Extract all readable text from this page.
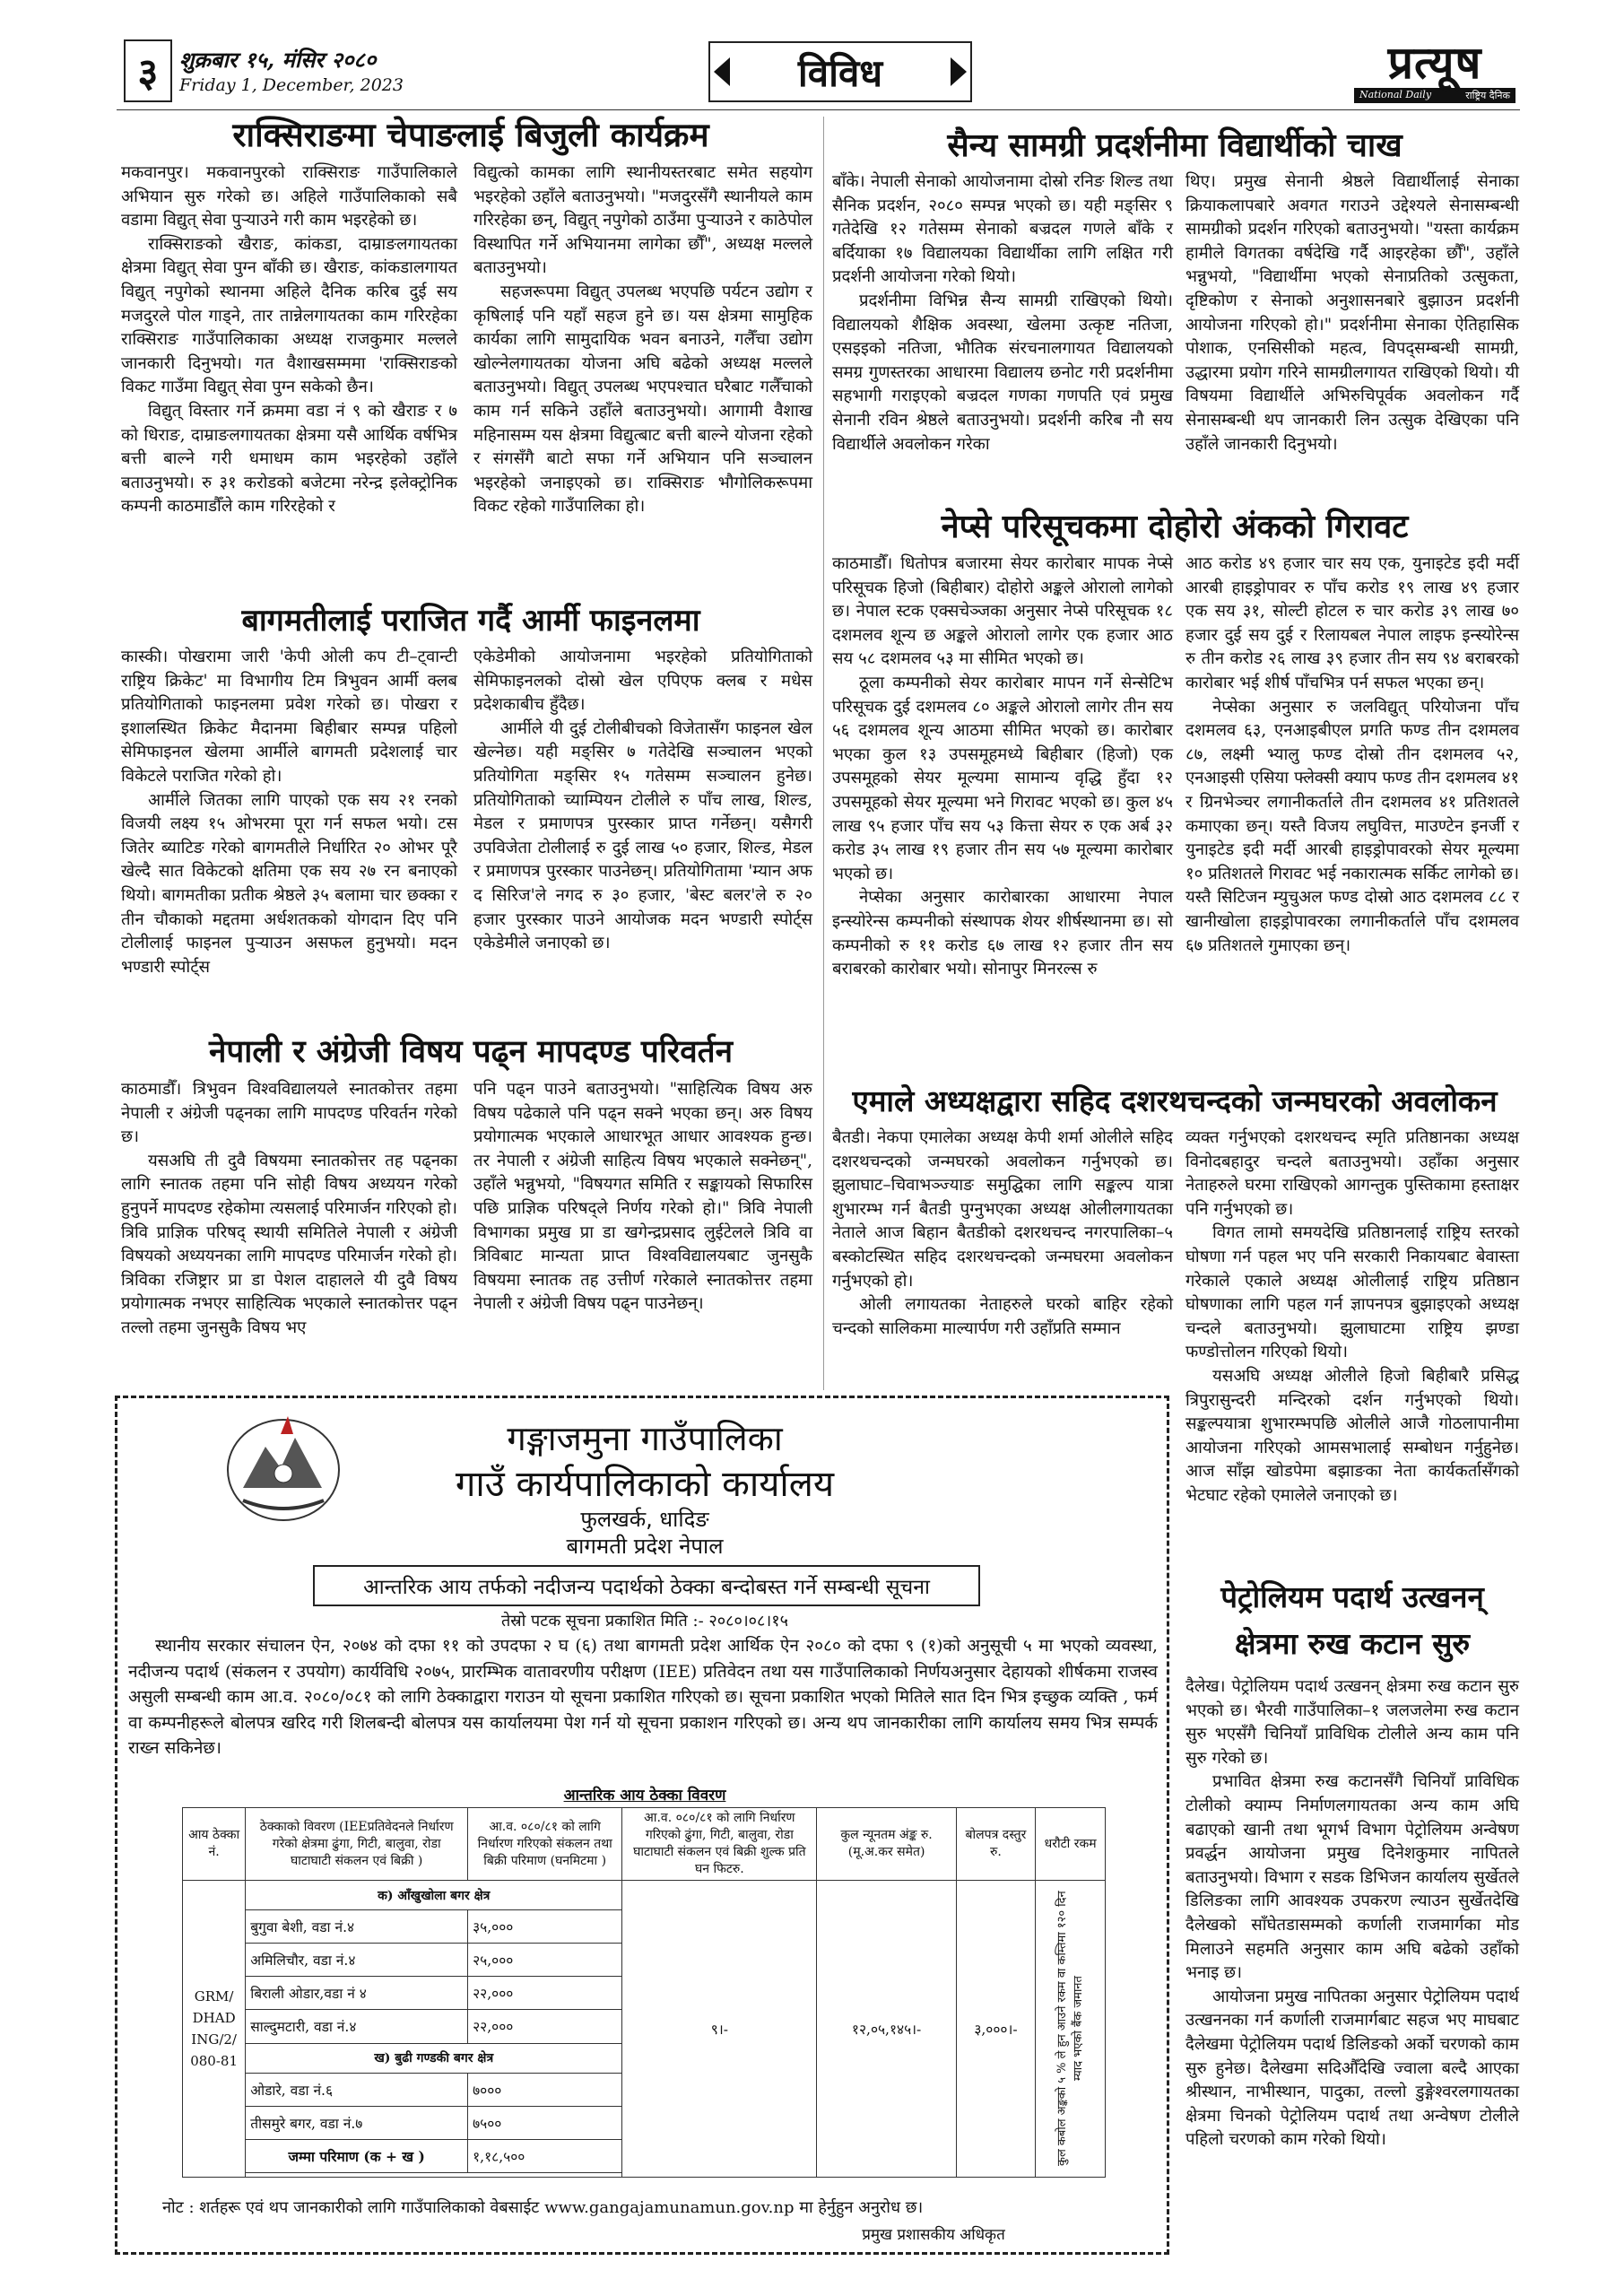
३ शुक्रबार १५, मंसिर २०८०
Friday 1, December, 2023	विविध	प्रत्यूष
National Daily	राष्ट्रिय दैनिक
राक्सिराङमा चेपाङलाई बिजुली कार्यक्रम

मकवानपुर। मकवानपुरको राक्सिराङ गाउँपालिकाले अभियान सुरु गरेको छ। अहिले गाउँपालिकाको सबै वडामा विद्युत् सेवा पुर्‍याउने गरी काम भइरहेको छ।

राक्सिराङको खैराङ, कांकडा, दाम्राङलगायतका क्षेत्रमा विद्युत् सेवा पुग्न बाँकी छ। खैराङ, कांकडालगायत विद्युत् नपुगेको स्थानमा अहिले दैनिक करिब दुई सय मजदुरले पोल गाड्ने, तार तान्नेलगायतका काम गरिरहेका राक्सिराङ गाउँपालिकाका अध्यक्ष राजकुमार मल्लले जानकारी दिनुभयो। गत वैशाखसम्ममा 'राक्सिराङको विकट गाउँमा विद्युत् सेवा पुग्न सकेको छैन।

विद्युत् विस्तार गर्ने क्रममा वडा नं ९ को खैराङ र ७ को धिराङ, दाम्राङलगायतका क्षेत्रमा यसै आर्थिक वर्षभित्र बत्ती बाल्ने गरी धमाधम काम भइरहेको उहाँले बताउनुभयो। रु ३१ करोडको बजेटमा नरेन्द्र इलेक्ट्रोनिक कम्पनी काठमाडौँले काम गरिरहेको र

विद्युत्को कामका लागि स्थानीयस्तरबाट समेत सहयोग भइरहेको उहाँले बताउनुभयो। "मजदुरसँगै स्थानीयले काम गरिरहेका छन्, विद्युत् नपुगेको ठाउँमा पुर्‍याउने र काठेपोल विस्थापित गर्ने अभियानमा लागेका छौँ", अध्यक्ष मल्लले बताउनुभयो।

सहजरूपमा विद्युत् उपलब्ध भएपछि पर्यटन उद्योग र कृषिलाई पनि यहाँ सहज हुने छ। यस क्षेत्रमा सामुहिक कार्यका लागि सामुदायिक भवन बनाउने, गलैँचा उद्योग खोल्नेलगायतका योजना अघि बढेको अध्यक्ष मल्लले बताउनुभयो। विद्युत् उपलब्ध भएपश्चात घरैबाट गलैँचाको काम गर्न सकिने उहाँले बताउनुभयो। आगामी वैशाख महिनासम्म यस क्षेत्रमा विद्युत्बाट बत्ती बाल्ने योजना रहेको र संगसँगै बाटो सफा गर्ने अभियान पनि सञ्चालन भइरहेको जनाइएको छ। राक्सिराङ भौगोलिकरूपमा विकट रहेको गाउँपालिका हो।

बागमतीलाई पराजित गर्दै आर्मी फाइनलमा

कास्की। पोखरामा जारी 'केपी ओली कप टी–ट्वान्टी राष्ट्रिय क्रिकेट' मा विभागीय टिम त्रिभुवन आर्मी क्लब प्रतियोगिताको फाइनलमा प्रवेश गरेको छ। पोखरा र इशालस्थित क्रिकेट मैदानमा बिहीबार सम्पन्न पहिलो सेमिफाइनल खेलमा आर्मीले बागमती प्रदेशलाई चार विकेटले पराजित गरेको हो।

आर्मीले जितका लागि पाएको एक सय २१ रनको विजयी लक्ष्य १५ ओभरमा पूरा गर्न सफल भयो। टस जितेर ब्याटिङ गरेको बागमतीले निर्धारित २० ओभर पूरै खेल्दै सात विकेटको क्षतिमा एक सय २७ रन बनाएको थियो। बागमतीका प्रतीक श्रेष्ठले ३५ बलामा चार छक्का र तीन चौकाको मद्दतमा अर्धशतकको योगदान दिए पनि टोलीलाई फाइनल पुर्‍याउन असफल हुनुभयो। मदन भण्डारी स्पोर्ट्स

एकेडेमीको आयोजनामा भइरहेको प्रतियोगिताको सेमिफाइनलको दोस्रो खेल एपिएफ क्लब र मधेस प्रदेशकाबीच हुँदैछ।

आर्मीले यी दुई टोलीबीचको विजेतासँग फाइनल खेल खेल्नेछ। यही मङ्सिर ७ गतेदेखि सञ्चालन भएको प्रतियोगिता मङ्सिर १५ गतेसम्म सञ्चालन हुनेछ। प्रतियोगिताको च्याम्पियन टोलीले रु पाँच लाख, शिल्ड, मेडल र प्रमाणपत्र पुरस्कार प्राप्त गर्नेछन्। यसैगरी उपविजेता टोलीलाई रु दुई लाख ५० हजार, शिल्ड, मेडल र प्रमाणपत्र पुरस्कार पाउनेछन्। प्रतियोगितामा 'म्यान अफ द सिरिज'ले नगद रु ३० हजार, 'बेस्ट बलर'ले रु २० हजार पुरस्कार पाउने आयोजक मदन भण्डारी स्पोर्ट्स एकेडेमीले जनाएको छ।

नेपाली र अंग्रेजी विषय पढ्न मापदण्ड परिवर्तन

काठमाडौँ। त्रिभुवन विश्वविद्यालयले स्नातकोत्तर तहमा नेपाली र अंग्रेजी पढ्नका लागि मापदण्ड परिवर्तन गरेको छ।

यसअघि ती दुवै विषयमा स्नातकोत्तर तह पढ्नका लागि स्नातक तहमा पनि सोही विषय अध्ययन गरेको हुनुपर्ने मापदण्ड रहेकोमा त्यसलाई परिमार्जन गरिएको हो। त्रिवि प्राज्ञिक परिषद् स्थायी समितिले नेपाली र अंग्रेजी विषयको अध्ययनका लागि मापदण्ड परिमार्जन गरेको हो। त्रिविका रजिष्ट्रार प्रा डा पेशल दाहालले यी दुवै विषय प्रयोगात्मक नभएर साहित्यिक भएकाले स्नातकोत्तर पढ्न तल्लो तहमा जुनसुकै विषय भए

पनि पढ्न पाउने बताउनुभयो। "साहित्यिक विषय अरु विषय पढेकाले पनि पढ्न सक्ने भएका छन्। अरु विषय प्रयोगात्मक भएकाले आधारभूत आधार आवश्यक हुन्छ। तर नेपाली र अंग्रेजी साहित्य विषय भएकाले सक्नेछन्", उहाँले भन्नुभयो, "विषयगत समिति र सङ्कायको सिफारिस पछि प्राज्ञिक परिषद्ले निर्णय गरेको हो।" त्रिवि नेपाली विभागका प्रमुख प्रा डा खगेन्द्रप्रसाद लुईटेलले त्रिवि वा त्रिविबाट मान्यता प्राप्त विश्वविद्यालयबाट जुनसुकै विषयमा स्नातक तह उत्तीर्ण गरेकाले स्नातकोत्तर तहमा नेपाली र अंग्रेजी विषय पढ्न पाउनेछन्।

सैन्य सामग्री प्रदर्शनीमा विद्यार्थीको चाख

बाँके। नेपाली सेनाको आयोजनामा दोस्रो रनिङ शिल्ड तथा सैनिक प्रदर्शन, २०८० सम्पन्न भएको छ। यही मङ्सिर ९ गतेदेखि १२ गतेसम्म सेनाको बज्रदल गणले बाँके र बर्दियाका १७ विद्यालयका विद्यार्थीका लागि लक्षित गरी प्रदर्शनी आयोजना गरेको थियो।

प्रदर्शनीमा विभिन्न सैन्य सामग्री राखिएको थियो। विद्यालयको शैक्षिक अवस्था, खेलमा उत्कृष्ट नतिजा, एसइइको नतिजा, भौतिक संरचनालगायत विद्यालयको समग्र गुणस्तरका आधारमा विद्यालय छनोट गरी प्रदर्शनीमा सहभागी गराइएको बज्रदल गणका गणपति एवं प्रमुख सेनानी रविन श्रेष्ठले बताउनुभयो। प्रदर्शनी करिब नौ सय विद्यार्थीले अवलोकन गरेका

थिए। प्रमुख सेनानी श्रेष्ठले विद्यार्थीलाई सेनाका क्रियाकलापबारे अवगत गराउने उद्देश्यले सेनासम्बन्धी सामग्रीको प्रदर्शन गरिएको बताउनुभयो। "यस्ता कार्यक्रम हामीले विगतका वर्षदेखि गर्दै आइरहेका छौँ", उहाँले भन्नुभयो, "विद्यार्थीमा भएको सेनाप्रतिको उत्सुकता, दृष्टिकोण र सेनाको अनुशासनबारे बुझाउन प्रदर्शनी आयोजना गरिएको हो।" प्रदर्शनीमा सेनाका ऐतिहासिक पोशाक, एनसिसीको महत्व, विपद्सम्बन्धी सामग्री, उद्धारमा प्रयोग गरिने सामग्रीलगायत राखिएको थियो। यी विषयमा विद्यार्थीले अभिरुचिपूर्वक अवलोकन गर्दै सेनासम्बन्धी थप जानकारी लिन उत्सुक देखिएका पनि उहाँले जानकारी दिनुभयो।

नेप्से परिसूचकमा दोहोरो अंकको गिरावट

काठमाडौँ। धितोपत्र बजारमा सेयर कारोबार मापक नेप्से परिसूचक हिजो (बिहीबार) दोहोरो अङ्कले ओरालो लागेको छ। नेपाल स्टक एक्सचेञ्जका अनुसार नेप्से परिसूचक १८ दशमलव शून्य छ अङ्कले ओरालो लागेर एक हजार आठ सय ५८ दशमलव ५३ मा सीमित भएको छ।

ठूला कम्पनीको सेयर कारोबार मापन गर्ने सेन्सेटिभ परिसूचक दुई दशमलव ८० अङ्कले ओरालो लागेर तीन सय ५६ दशमलव शून्य आठमा सीमित भएको छ। कारोबार भएका कुल १३ उपसमूहमध्ये बिहीबार (हिजो) एक उपसमूहको सेयर मूल्यमा सामान्य वृद्धि हुँदा १२ उपसमूहको सेयर मूल्यमा भने गिरावट भएको छ। कुल ४५ लाख ९५ हजार पाँच सय ५३ कित्ता सेयर रु एक अर्ब ३२ करोड ३५ लाख १९ हजार तीन सय ५७ मूल्यमा कारोबार भएको छ।

नेप्सेका अनुसार कारोबारका आधारमा नेपाल इन्स्योरेन्स कम्पनीको संस्थापक शेयर शीर्षस्थानमा छ। सो कम्पनीको रु ११ करोड ६७ लाख १२ हजार तीन सय बराबरको कारोबार भयो। सोनापुर मिनरल्स रु

आठ करोड ४९ हजार चार सय एक, युनाइटेड इदी मर्दी आरबी हाइड्रोपावर रु पाँच करोड १९ लाख ४९ हजार एक सय ३१, सोल्टी होटल रु चार करोड ३९ लाख ७० हजार दुई सय दुई र रिलायबल नेपाल लाइफ इन्स्योरेन्स रु तीन करोड २६ लाख ३९ हजार तीन सय ९४ बराबरको कारोबार भई शीर्ष पाँचभित्र पर्न सफल भएका छन्।

नेप्सेका अनुसार रु जलविद्युत् परियोजना पाँच दशमलव ६३, एनआइबीएल प्रगति फण्ड तीन दशमलव ८७, लक्ष्मी भ्यालु फण्ड दोस्रो तीन दशमलव ५२, एनआइसी एसिया फ्लेक्सी क्याप फण्ड तीन दशमलव ४१ र ग्रिनभेञ्चर लगानीकर्ताले तीन दशमलव ४१ प्रतिशतले कमाएका छन्। यस्तै विजय लघुवित्त, माउण्टेन इनर्जी र युनाइटेड इदी मर्दी आरबी हाइड्रोपावरको सेयर मूल्यमा १० प्रतिशतले गिरावट भई नकारात्मक सर्किट लागेको छ। यस्तै सिटिजन म्युचुअल फण्ड दोस्रो आठ दशमलव ८८ र खानीखोला हाइड्रोपावरका लगानीकर्ताले पाँच दशमलव ६७ प्रतिशतले गुमाएका छन्।

एमाले अध्यक्षद्वारा सहिद दशरथचन्दको जन्मघरको अवलोकन

बैतडी। नेकपा एमालेका अध्यक्ष केपी शर्मा ओलीले सहिद दशरथचन्दको जन्मघरको अवलोकन गर्नुभएको छ। झुलाघाट–चिवाभञ्ज्याङ समुद्घिका लागि सङ्कल्प यात्रा शुभारम्भ गर्न बैतडी पुग्नुभएका अध्यक्ष ओलीलगायतका नेताले आज बिहान बैतडीको दशरथचन्द नगरपालिका–५ बस्कोटस्थित सहिद दशरथचन्दको जन्मघरमा अवलोकन गर्नुभएको हो।

ओली लगायतका नेताहरुले घरको बाहिर रहेको चन्दको सालिकमा माल्यार्पण गरी उहाँप्रति सम्मान

व्यक्त गर्नुभएको दशरथचन्द स्मृति प्रतिष्ठानका अध्यक्ष विनोदबहादुर चन्दले बताउनुभयो। उहाँका अनुसार नेताहरुले घरमा राखिएको आगन्तुक पुस्तिकामा हस्ताक्षर पनि गर्नुभएको छ।

विगत लामो समयदेखि प्रतिष्ठानलाई राष्ट्रिय स्तरको घोषणा गर्न पहल भए पनि सरकारी निकायबाट बेवास्ता गरेकाले एकाले अध्यक्ष ओलीलाई राष्ट्रिय प्रतिष्ठान घोषणाका लागि पहल गर्न ज्ञापनपत्र बुझाइएको अध्यक्ष चन्दले बताउनुभयो। झुलाघाटमा राष्ट्रिय झण्डा फण्डोत्तोलन गरिएको थियो।

यसअघि अध्यक्ष ओलीले हिजो बिहीबारै प्रसिद्ध त्रिपुरासुन्दरी मन्दिरको दर्शन गर्नुभएको थियो। सङ्कल्पयात्रा शुभारम्भपछि ओलीले आजै गोठलापानीमा आयोजना गरिएको आमसभालाई सम्बोधन गर्नुहुनेछ। आज साँझ खोडपेमा बझाङका नेता कार्यकर्तासँगको भेटघाट रहेको एमालेले जनाएको छ।

पेट्रोलियम पदार्थ उत्खनन्
क्षेत्रमा रुख कटान सुरु

दैलेख। पेट्रोलियम पदार्थ उत्खनन् क्षेत्रमा रुख कटान सुरु भएको छ। भैरवी गाउँपालिका–१ जलजलेमा रुख कटान सुरु भएसँगै चिनियाँ प्राविधिक टोलीले अन्य काम पनि सुरु गरेको छ।

प्रभावित क्षेत्रमा रुख कटानसँगै चिनियाँ प्राविधिक टोलीको क्याम्प निर्माणलगायतका अन्य काम अघि बढाएको खानी तथा भूगर्भ विभाग पेट्रोलियम अन्वेषण प्रवर्द्धन आयोजना प्रमुख दिनेशकुमार नापितले बताउनुभयो। विभाग र सडक डिभिजन कार्यालय सुर्खेतले डिलिङका लागि आवश्यक उपकरण ल्याउन सुर्खेतदेखि दैलेखको साँघेतडासम्मको कर्णाली राजमार्गका मोड मिलाउने सहमति अनुसार काम अघि बढेको उहाँको भनाइ छ।

आयोजना प्रमुख नापितका अनुसार पेट्रोलियम पदार्थ उत्खननका गर्न कर्णाली राजमार्गबाट सहज भए माघबाट दैलेखमा पेट्रोलियम पदार्थ डिलिङको अर्को चरणको काम सुरु हुनेछ। दैलेखमा सदिऔँदेखि ज्वाला बल्दै आएका श्रीस्थान, नाभीस्थान, पादुका, तल्लो डुङ्गेश्वरलगायतका क्षेत्रमा चिनको पेट्रोलियम पदार्थ तथा अन्वेषण टोलीले पहिलो चरणको काम गरेको थियो।

गङ्गाजमुना गाउँपालिका
गाउँ कार्यपालिकाको कार्यालय
फुलखर्क, धादिङ
बागमती प्रदेश नेपाल
आन्तरिक आय तर्फको नदीजन्य पदार्थको ठेक्का बन्दोबस्त गर्ने सम्बन्धी सूचना
तेस्रो पटक सूचना प्रकाशित मिति :- २०८०।०८।१५

स्थानीय सरकार संचालन ऐन, २०७४ को दफा ११ को उपदफा २ घ (६) तथा बागमती प्रदेश आर्थिक ऐन २०८० को दफा ९ (१)को अनुसूची ५ मा भएको व्यवस्था, नदीजन्य पदार्थ (संकलन र उपयोग) कार्यविधि २०७५, प्रारम्भिक वातावरणीय परीक्षण (IEE) प्रतिवेदन तथा यस गाउँपालिकाको निर्णयअनुसार देहायको शीर्षकमा राजस्व असुली सम्बन्धी काम आ.व. २०८०/०८१ को लागि ठेक्काद्वारा गराउन यो सूचना प्रकाशित गरिएको छ। सूचना प्रकाशित भएको मितिले सात दिन भित्र इच्छुक व्यक्ति , फर्म वा कम्पनीहरूले बोलपत्र खरिद गरी शिलबन्दी बोलपत्र यस कार्यालयमा पेश गर्न यो सूचना प्रकाशन गरिएको छ। अन्य थप जानकारीका लागि कार्यालय समय भित्र सम्पर्क राख्न सकिनेछ।

आन्तरिक आय ठेक्का विवरण
आय ठेक्का नं.	ठेक्काको विवरण (IEEप्रतिवेदनले निर्धारण गरेको क्षेत्रमा ढुंगा, गिटी, बालुवा, रोडा घाटाघाटी संकलन एवं बिक्री )	आ.व. ०८०/८१ को लागि निर्धारण गरिएको संकलन तथा बिक्री परिमाण (घनमिटमा )	आ.व. ०८०/८१ को लागि निर्धारण गरिएको ढुंगा, गिटी, बालुवा, रोडा घाटाघाटी संकलन एवं बिक्री शुल्क प्रति घन फिटरु.	कुल न्यूनतम अंङ्क रु. (मू.अ.कर समेत)	बोलपत्र दस्तुर रु.	धरौटी रकम
GRM/ DHAD ING/2/ 080-81	क) आँखुखोला बगर क्षेत्र		९।-	१२,०५,१४५।-	३,०००।-	कुल कबोल अङ्कको ५ % ले हुन आउने रकम वा कम्तिमा १२० दिन म्याद भएको बैंक जमानत

	बुगुवा बेशी, वडा नं.४	३५,०००				
	अमिलिचौर, वडा नं.४	२५,०००				
	बिराली ओडार,वडा नं ४	२२,०००				
	साल्दुमटारी, वडा नं.४	२२,०००				
	ख) बुढी गण्डकी बगर क्षेत्र					
	ओडारे, वडा नं.६	७०००				
	तीसमुरे बगर, वडा नं.७	७५००				
	जम्मा परिमाण (क + ख )	१,१८,५००				

नोट : शर्तहरू एवं थप जानकारीको लागि गाउँपालिकाको वेबसाईट www.gangajamunamun.gov.np मा हेर्नुहुन अनुरोध छ।
प्रमुख प्रशासकीय अधिकृत
